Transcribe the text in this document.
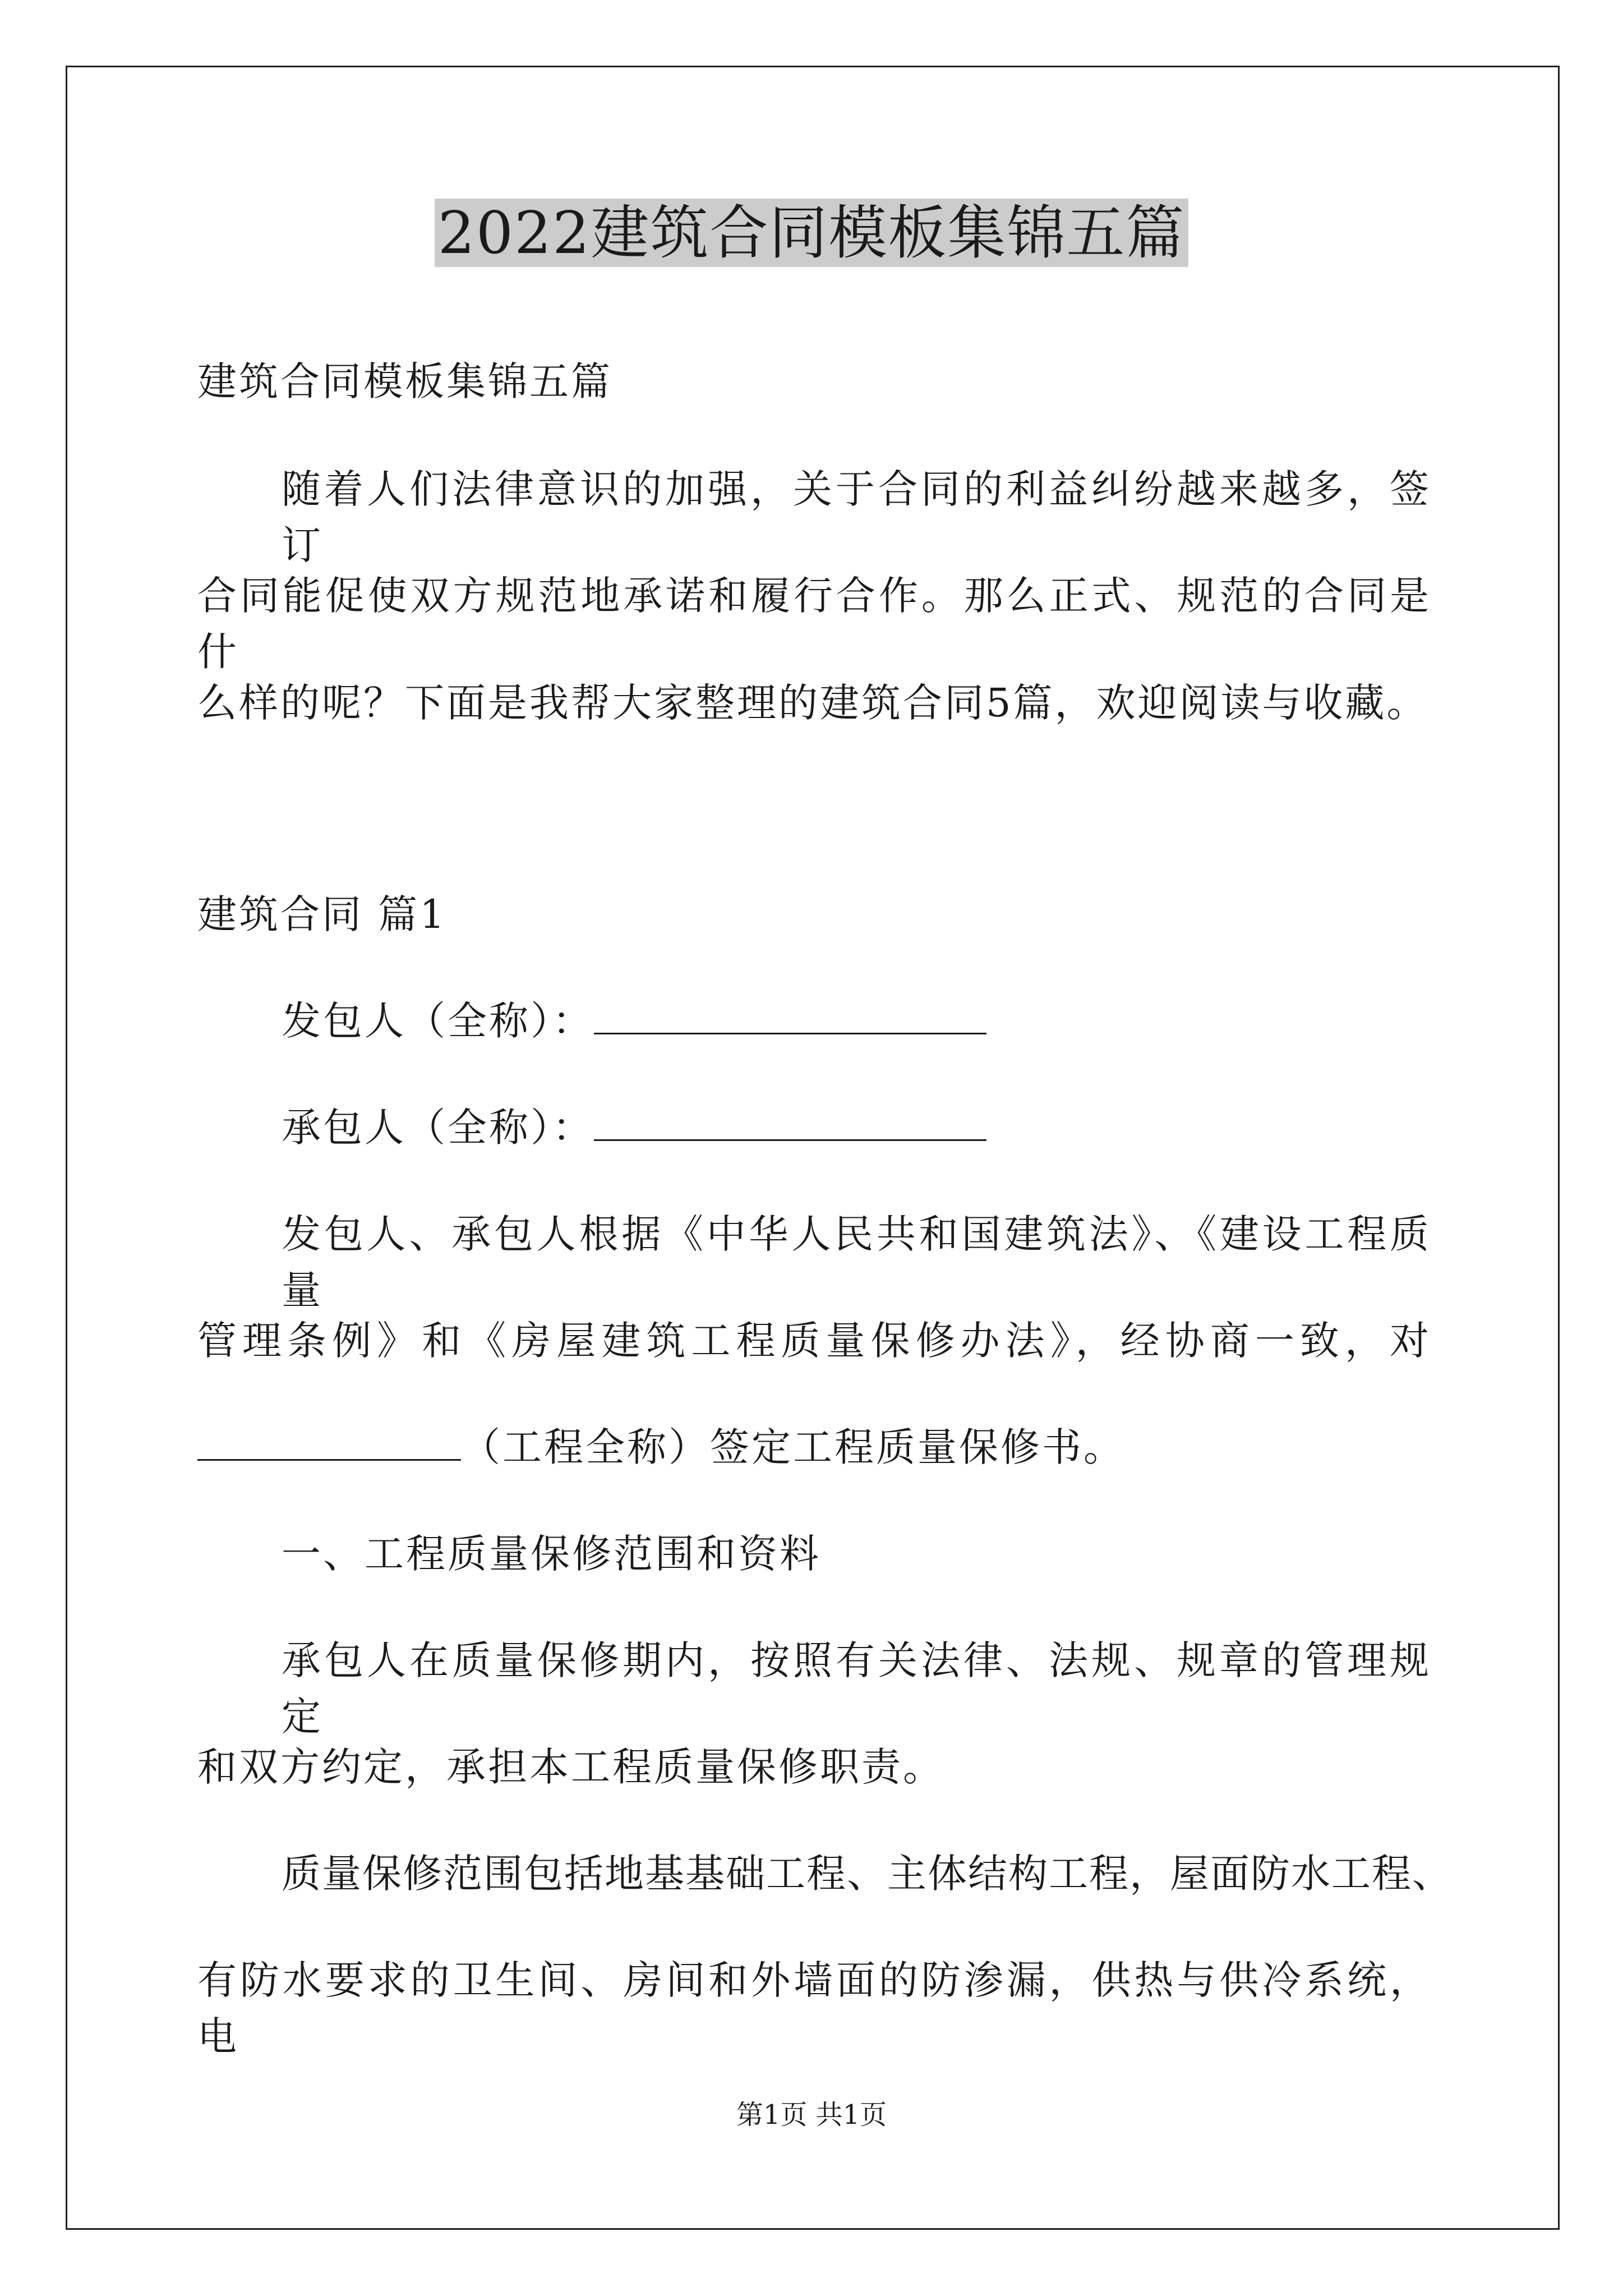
2022建筑合同模板集锦五篇
建筑合同模板集锦五篇
随着人们法律意识的加强，关于合同的利益纠纷越来越多，签订
合同能促使双方规范地承诺和履行合作。那么正式、规范的合同是什
么样的呢？下面是我帮大家整理的建筑合同5篇，欢迎阅读与收藏。
建筑合同 篇1
发包人（全称）：
承包人（全称）：
发包人、承包人根据《中华人民共和国建筑法》、《建设工程质量
管理条例》和《房屋建筑工程质量保修办法》，经协商一致，对
（工程全称）签定工程质量保修书。
一、工程质量保修范围和资料
承包人在质量保修期内，按照有关法律、法规、规章的管理规定
和双方约定，承担本工程质量保修职责。
质量保修范围包括地基基础工程、主体结构工程，屋面防水工程、
有防水要求的卫生间、房间和外墙面的防渗漏，供热与供冷系统，电
第1页 共1页
